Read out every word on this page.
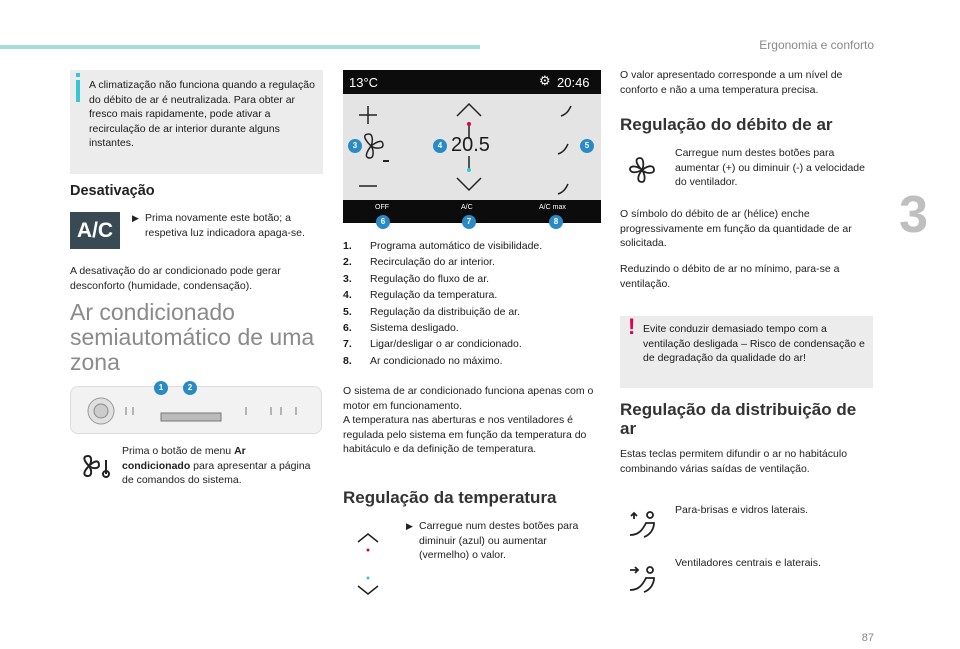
Ergonomia e conforto
3
87
A climatização não funciona quando a regulação do débito de ar é neutralizada. Para obter ar fresco mais rapidamente, pode ativar a recirculação de ar interior durante alguns instantes.
Desativação
A/C
▶ Prima novamente este botão; a respetiva luz indicadora apaga-se.
A desativação do ar condicionado pode gerar desconforto (humidade, condensação).
Ar condicionado semiautomático de uma zona
1	2
Prima o botão de menu Ar condicionado para apresentar a página de comandos do sistema.
13°C	⚙ 20:46
20.5
OFF	A/C	A/C max
3	4	5
6	7	8
1. Programa automático de visibilidade.
2. Recirculação do ar interior.
3. Regulação do fluxo de ar.
4. Regulação da temperatura.
5. Regulação da distribuição de ar.
6. Sistema desligado.
7. Ligar/desligar o ar condicionado.
8. Ar condicionado no máximo.
O sistema de ar condicionado funciona apenas com o motor em funcionamento.
A temperatura nas aberturas e nos ventiladores é regulada pelo sistema em função da temperatura do habitáculo e da definição de temperatura.
Regulação da temperatura
▶ Carregue num destes botões para diminuir (azul) ou aumentar (vermelho) o valor.
O valor apresentado corresponde a um nível de conforto e não a uma temperatura precisa.
Regulação do débito de ar
Carregue num destes botões para aumentar (+) ou diminuir (-) a velocidade do ventilador.
O símbolo do débito de ar (hélice) enche progressivamente em função da quantidade de ar solicitada.
Reduzindo o débito de ar no mínimo, para-se a ventilação.
! Evite conduzir demasiado tempo com a ventilação desligada – Risco de condensação e de degradação da qualidade do ar!
Regulação da distribuição de ar
Estas teclas permitem difundir o ar no habitáculo combinando várias saídas de ventilação.
Para-brisas e vidros laterais.
Ventiladores centrais e laterais.
